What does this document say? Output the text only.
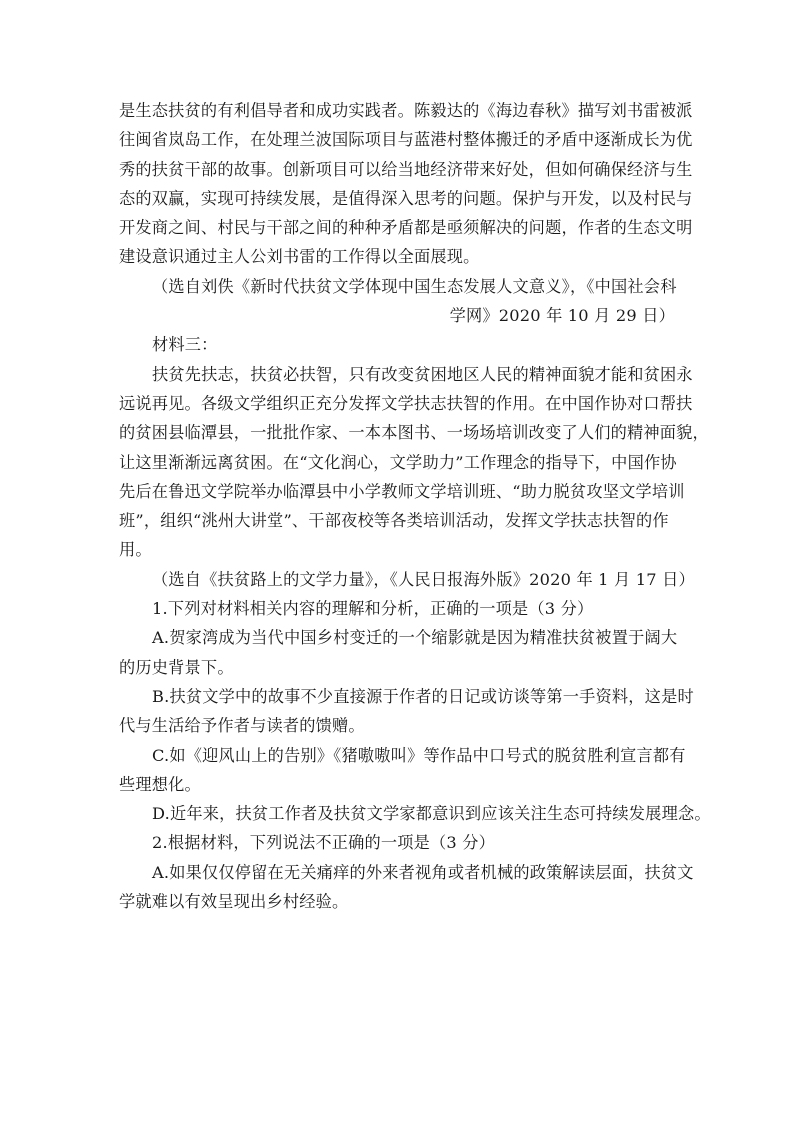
是生态扶贫的有利倡导者和成功实践者。陈毅达的《海边春秋》描写刘书雷被派
往闽省岚岛工作，在处理兰波国际项目与蓝港村整体搬迁的矛盾中逐渐成长为优
秀的扶贫干部的故事。创新项目可以给当地经济带来好处，但如何确保经济与生
态的双赢，实现可持续发展，是值得深入思考的问题。保护与开发，以及村民与
开发商之间、村民与干部之间的种种矛盾都是亟须解决的问题，作者的生态文明
建设意识通过主人公刘书雷的工作得以全面展现。
（选自刘佚《新时代扶贫文学体现中国生态发展人文意义》，《中国社会科
学网》2020 年 10 月 29 日）
材料三：
扶贫先扶志，扶贫必扶智，只有改变贫困地区人民的精神面貌才能和贫困永
远说再见。各级文学组织正充分发挥文学扶志扶智的作用。在中国作协对口帮扶
的贫困县临潭县，一批批作家、一本本图书、一场场培训改变了人们的精神面貌，
让这里渐渐远离贫困。在“文化润心，文学助力”工作理念的指导下，中国作协
先后在鲁迅文学院举办临潭县中小学教师文学培训班、“助力脱贫攻坚文学培训
班”，组织“洮州大讲堂”、干部夜校等各类培训活动，发挥文学扶志扶智的作
用。
（选自《扶贫路上的文学力量》，《人民日报海外版》2020 年 1 月 17 日）
1.下列对材料相关内容的理解和分析，正确的一项是（3 分）
A.贺家湾成为当代中国乡村变迁的一个缩影就是因为精准扶贫被置于阔大
的历史背景下。
B.扶贫文学中的故事不少直接源于作者的日记或访谈等第一手资料，这是时
代与生活给予作者与读者的馈赠。
C.如《迎风山上的告别》《猪嗷嗷叫》等作品中口号式的脱贫胜利宣言都有
些理想化。
D.近年来，扶贫工作者及扶贫文学家都意识到应该关注生态可持续发展理念。
2.根据材料，下列说法不正确的一项是（3 分）
A.如果仅仅停留在无关痛痒的外来者视角或者机械的政策解读层面，扶贫文
学就难以有效呈现出乡村经验。
